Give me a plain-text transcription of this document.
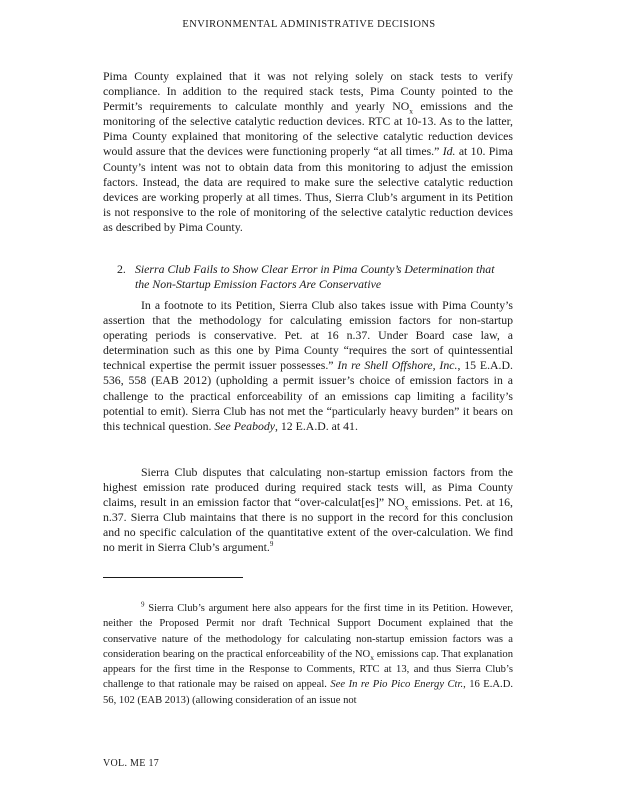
ENVIRONMENTAL ADMINISTRATIVE DECISIONS

Pima County explained that it was not relying solely on stack tests to verify compliance. In addition to the required stack tests, Pima County pointed to the Permit’s requirements to calculate monthly and yearly $NO_x$ emissions and the monitoring of the selective catalytic reduction devices. RTC at 10-13. As to the latter, Pima County explained that monitoring of the selective catalytic reduction devices would assure that the devices were functioning properly “at all times.” Id. at 10. Pima County’s intent was not to obtain data from this monitoring to adjust the emission factors. Instead, the data are required to make sure the selective catalytic reduction devices are working properly at all times. Thus, Sierra Club’s argument in its Petition is not responsive to the role of monitoring of the selective catalytic reduction devices as described by Pima County.

2. Sierra Club Fails to Show Clear Error in Pima County’s Determination that
the Non-Startup Emission Factors Are Conservative

In a footnote to its Petition, Sierra Club also takes issue with Pima County’s assertion that the methodology for calculating emission factors for non-startup operating periods is conservative. Pet. at 16 n.37. Under Board case law, a determination such as this one by Pima County “requires the sort of quintessential technical expertise the permit issuer possesses.” In re Shell Offshore, Inc., 15 E.A.D. 536, 558 (EAB 2012) (upholding a permit issuer’s choice of emission factors in a challenge to the practical enforceability of an emissions cap limiting a facility’s potential to emit). Sierra Club has not met the “particularly heavy burden” it bears on this technical question. See Peabody, 12 E.A.D. at 41.

Sierra Club disputes that calculating non-startup emission factors from the highest emission rate produced during required stack tests will, as Pima County claims, result in an emission factor that “over-calculat[es]” $NO_x$ emissions. Pet. at 16, n.37. Sierra Club maintains that there is no support in the record for this conclusion and no specific calculation of the quantitative extent of the over-calculation. We find no merit in Sierra Club’s argument.$^9$

$^9$ Sierra Club’s argument here also appears for the first time in its Petition. However, neither the Proposed Permit nor draft Technical Support Document explained that the conservative nature of the methodology for calculating non-startup emission factors was a consideration bearing on the practical enforceability of the $NO_x$ emissions cap. That explanation appears for the first time in the Response to Comments, RTC at 13, and thus Sierra Club’s challenge to that rationale may be raised on appeal. See In re Pio Pico Energy Ctr., 16 E.A.D. 56, 102 (EAB 2013) (allowing consideration of an issue not

VOL. ME 17
